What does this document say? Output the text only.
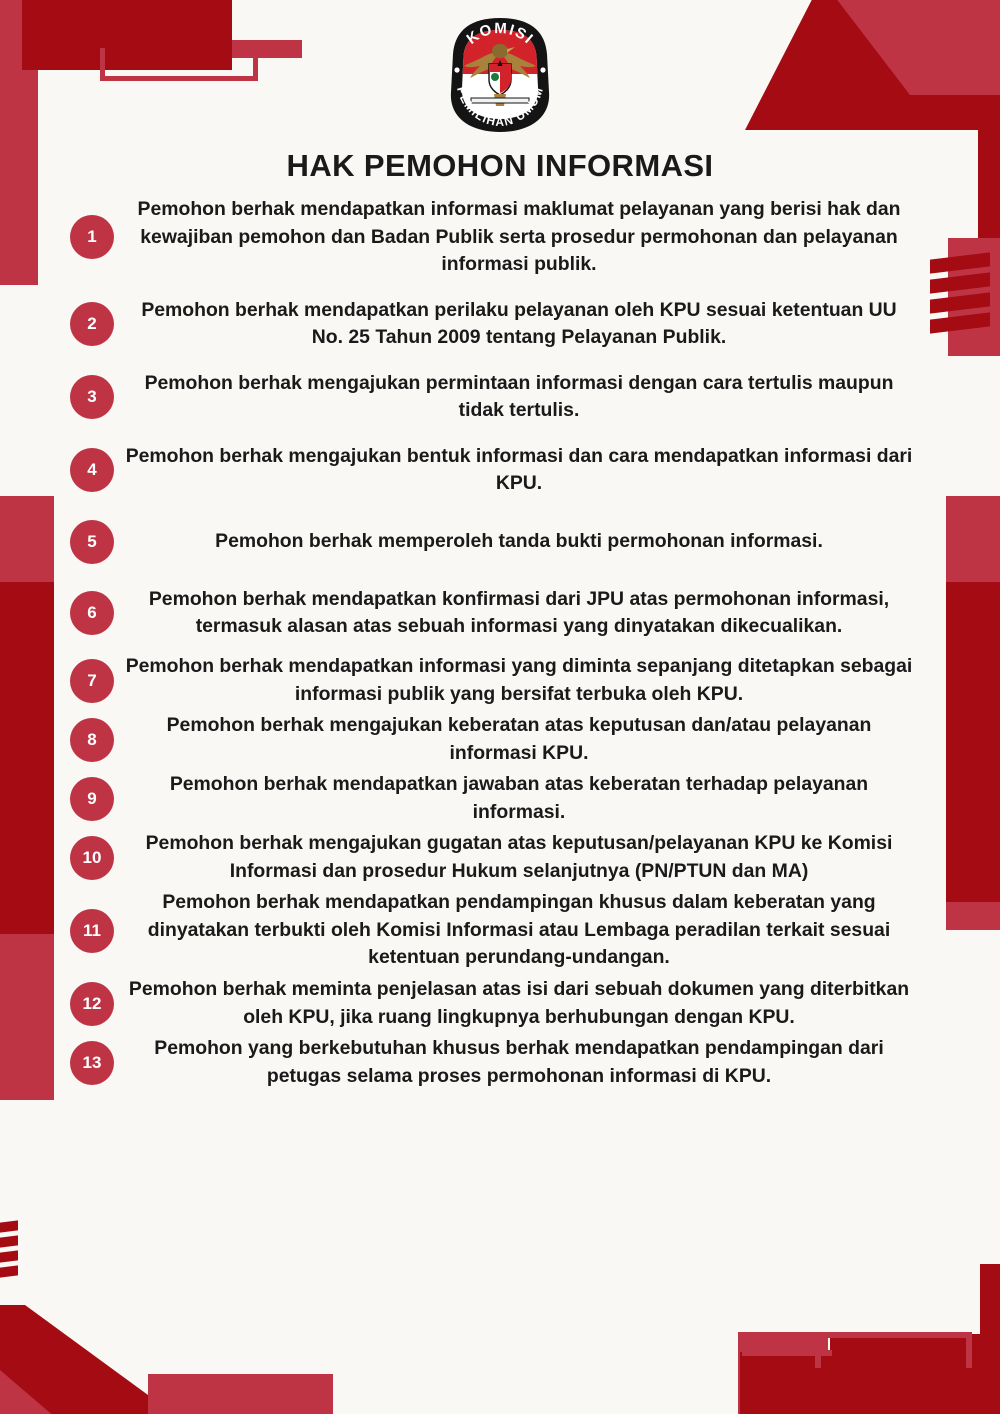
KOMISI
PEMILIHAN UMUM
HAK PEMOHON INFORMASI
1
Pemohon berhak mendapatkan informasi maklumat pelayanan yang berisi hak dan kewajiban pemohon dan Badan Publik serta prosedur permohonan dan pelayanan informasi publik.
2
Pemohon berhak mendapatkan perilaku pelayanan oleh KPU sesuai ketentuan UU No. 25 Tahun 2009 tentang Pelayanan Publik.
3
Pemohon berhak mengajukan permintaan informasi dengan cara tertulis maupun tidak tertulis.
4
Pemohon berhak mengajukan bentuk informasi dan cara mendapatkan informasi dari KPU.
5	Pemohon berhak memperoleh tanda bukti permohonan informasi.
6
Pemohon berhak mendapatkan konfirmasi dari JPU atas permohonan informasi, termasuk alasan atas sebuah informasi yang dinyatakan dikecualikan.
7
Pemohon berhak mendapatkan informasi yang diminta sepanjang ditetapkan sebagai informasi publik yang bersifat terbuka oleh KPU.
8
Pemohon berhak mengajukan keberatan atas keputusan dan/atau pelayanan informasi KPU.
9
Pemohon berhak mendapatkan jawaban atas keberatan terhadap pelayanan informasi.
10
Pemohon berhak mengajukan gugatan atas keputusan/pelayanan KPU ke Komisi Informasi dan prosedur Hukum selanjutnya (PN/PTUN dan MA)
11
Pemohon berhak mendapatkan pendampingan khusus dalam keberatan yang dinyatakan terbukti oleh Komisi Informasi atau Lembaga peradilan terkait sesuai ketentuan perundang-undangan.
12
Pemohon berhak meminta penjelasan atas isi dari sebuah dokumen yang diterbitkan oleh KPU, jika ruang lingkupnya berhubungan dengan KPU.
13
Pemohon yang berkebutuhan khusus berhak mendapatkan pendampingan dari petugas selama proses permohonan informasi di KPU.
